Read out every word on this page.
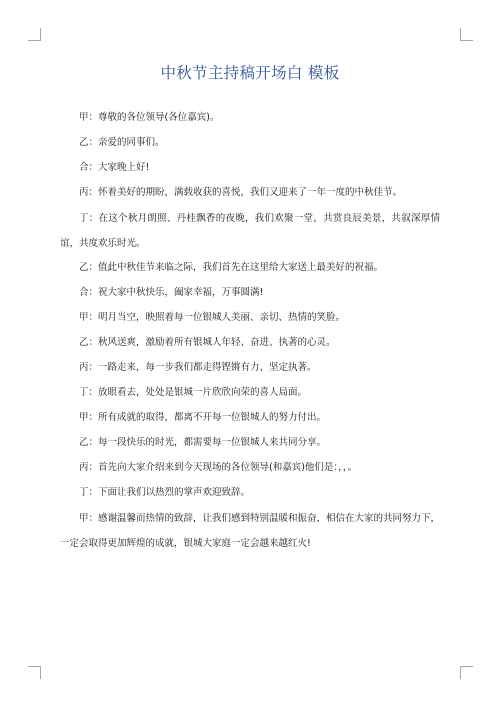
中秋节主持稿开场白 模板

甲：尊敬的各位领导(各位嘉宾)。

乙：亲爱的同事们。

合：大家晚上好!

丙：怀着美好的期盼，满载收获的喜悦，我们又迎来了一年一度的中秋佳节。

丁：在这个秋月朗照、丹桂飘香的夜晚，我们欢聚一堂，共赏良辰美景，共叙深厚情谊，共度欢乐时光。

乙：值此中秋佳节来临之际，我们首先在这里给大家送上最美好的祝福。

合：祝大家中秋快乐，阖家幸福，万事圆满!

甲：明月当空，映照着每一位银城人美丽、亲切、热情的笑脸。

乙：秋风送爽，激励着所有银城人年轻、奋进、执著的心灵。

丙：一路走来，每一步我们都走得铿锵有力、坚定执著。

丁：放眼看去，处处是银城一片欣欣向荣的喜人局面。

甲：所有成就的取得，都离不开每一位银城人的努力付出。

乙：每一段快乐的时光，都需要每一位银城人来共同分享。

丙：首先向大家介绍来到今天现场的各位领导(和嘉宾)他们是：，，。

丁：下面让我们以热烈的掌声欢迎致辞。

甲：感谢温馨而热情的致辞，让我们感到特别温暖和振奋，相信在大家的共同努力下，一定会取得更加辉煌的成就，银城大家庭一定会越来越红火!
